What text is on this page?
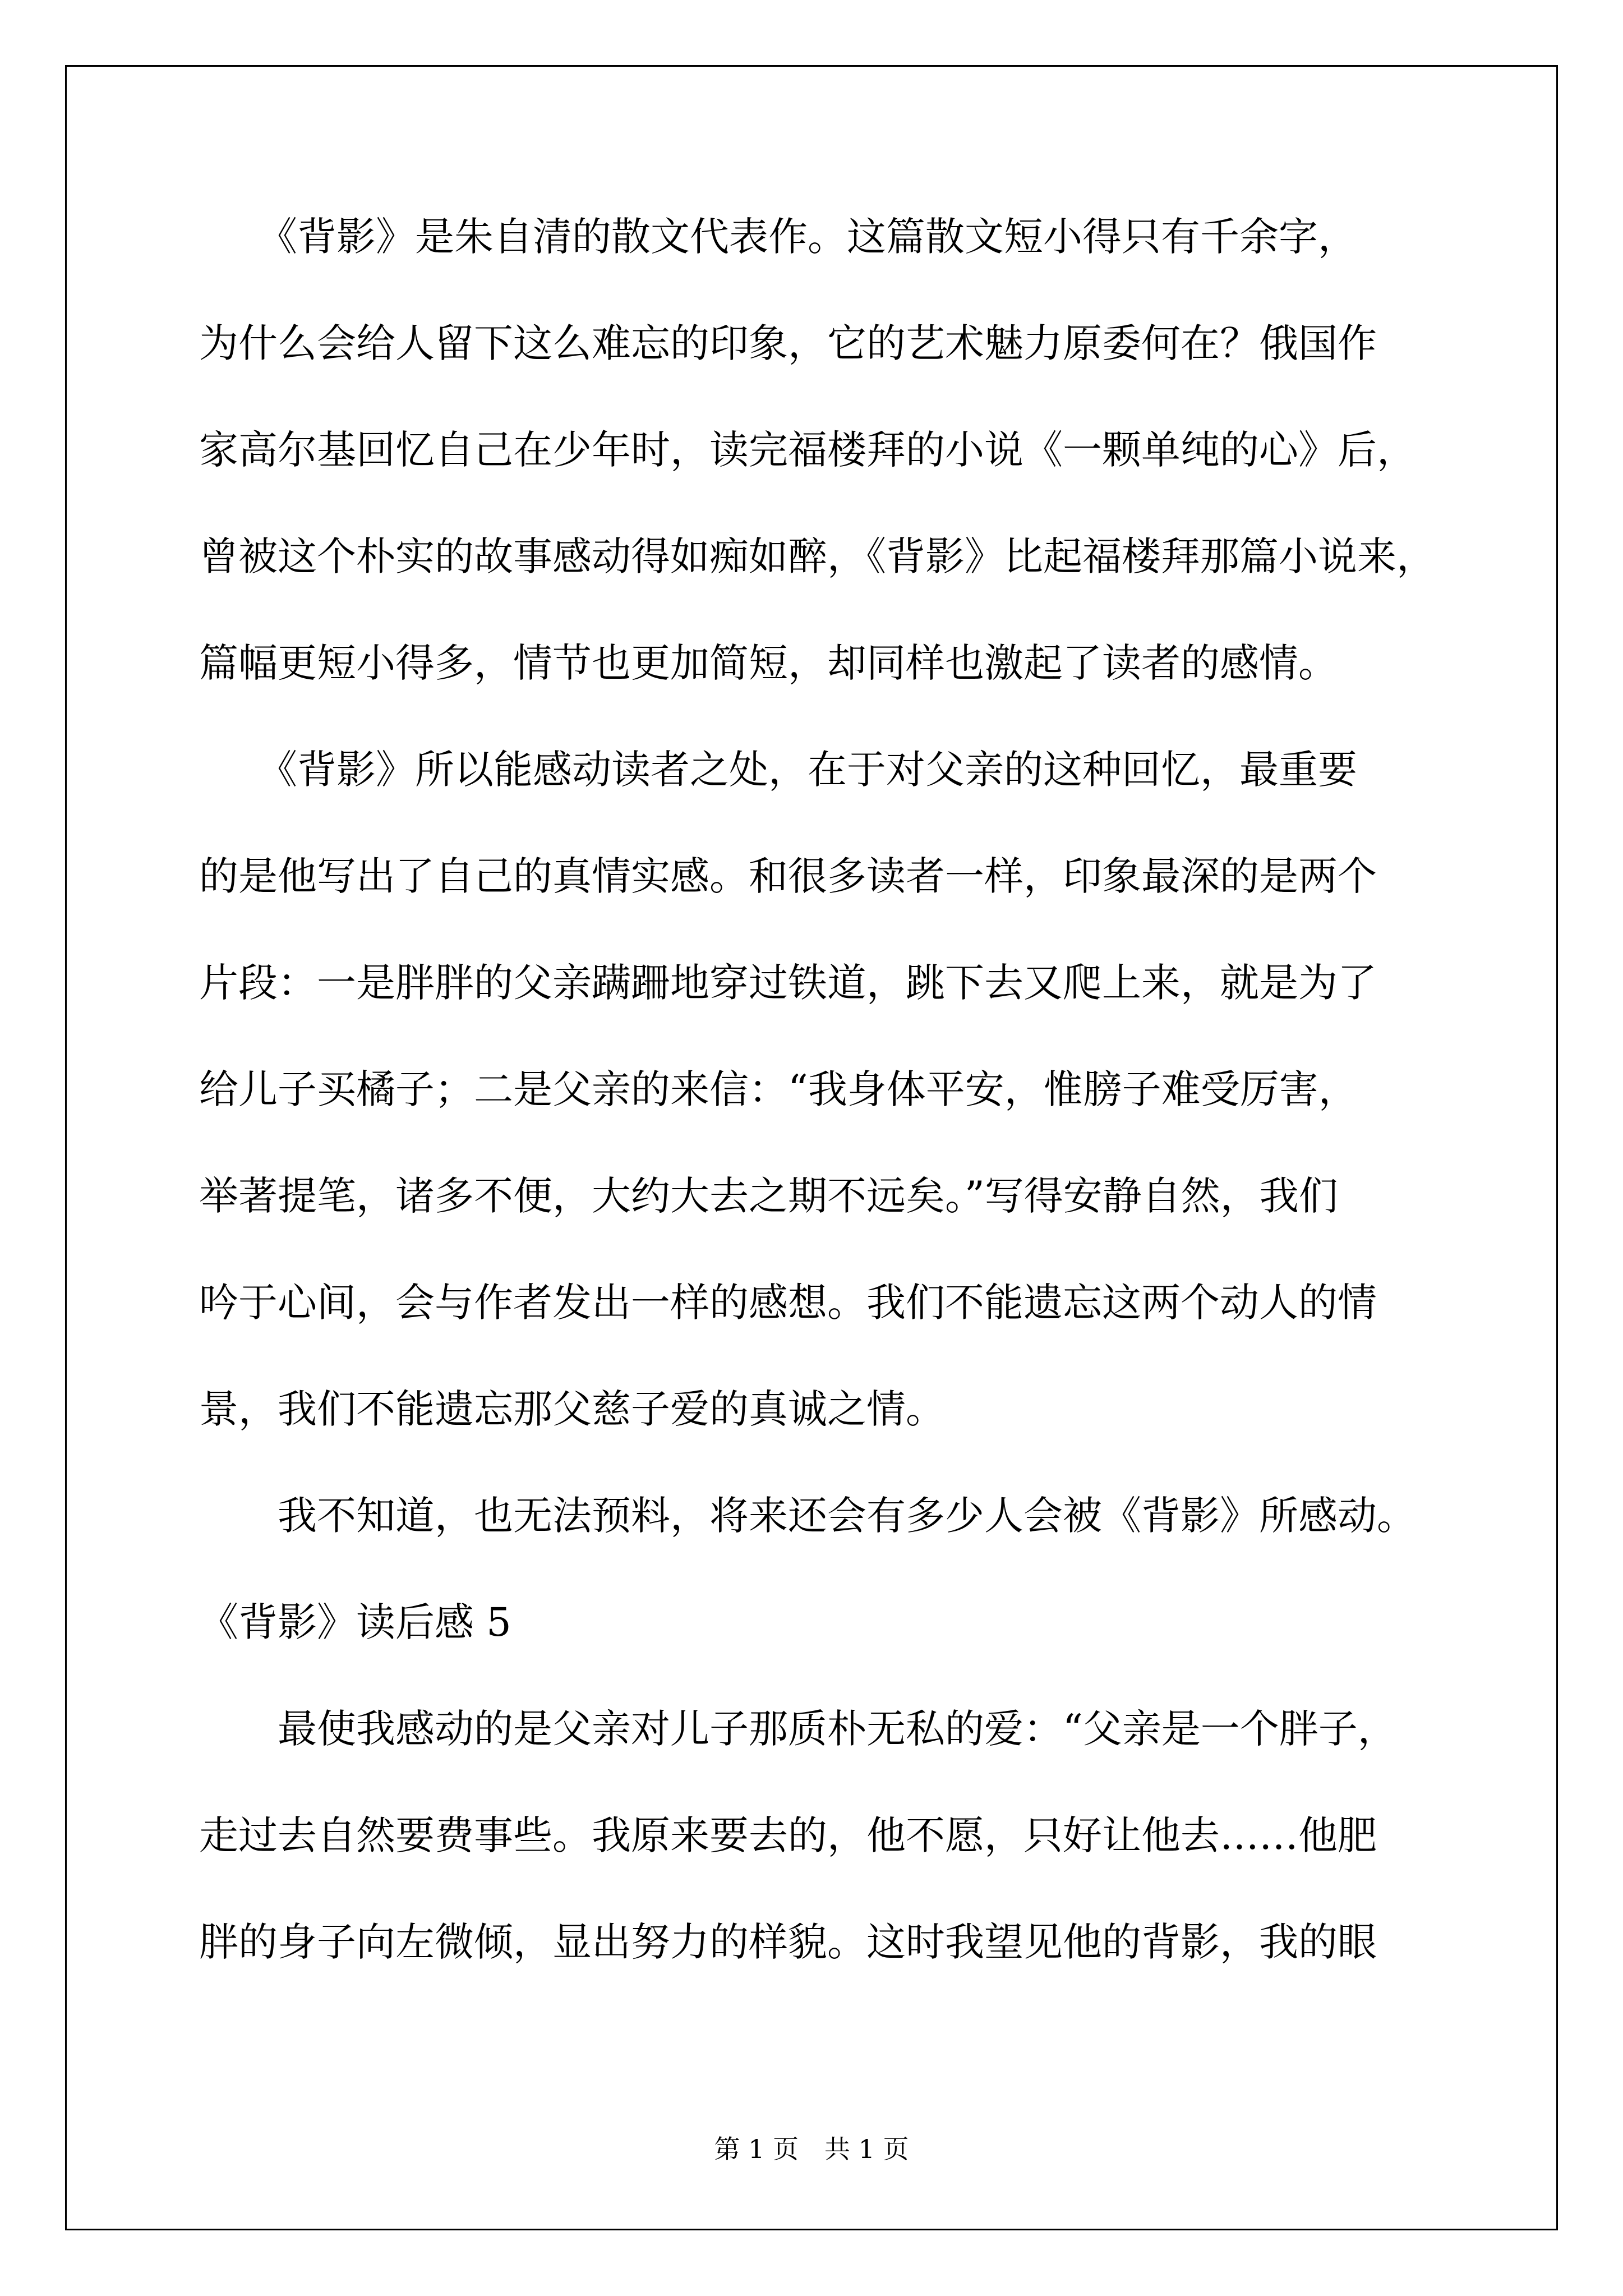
　　《背影》是朱自清的散文代表作。这篇散文短小得只有千余字，
为什么会给人留下这么难忘的印象，它的艺术魅力原委何在？俄国作
家高尔基回忆自己在少年时，读完福楼拜的小说《一颗单纯的心》后，
曾被这个朴实的故事感动得如痴如醉，《背影》比起福楼拜那篇小说来，
篇幅更短小得多，情节也更加简短，却同样也激起了读者的感情。
　　《背影》所以能感动读者之处，在于对父亲的这种回忆，最重要
的是他写出了自己的真情实感。和很多读者一样，印象最深的是两个
片段：一是胖胖的父亲蹒跚地穿过铁道，跳下去又爬上来，就是为了
给儿子买橘子；二是父亲的来信：“我身体平安，惟膀子难受厉害，
举著提笔，诸多不便，大约大去之期不远矣。”写得安静自然，我们
吟于心间，会与作者发出一样的感想。我们不能遗忘这两个动人的情
景，我们不能遗忘那父慈子爱的真诚之情。
　　我不知道，也无法预料，将来还会有多少人会被《背影》所感动。
《背影》读后感 5
　　最使我感动的是父亲对儿子那质朴无私的爱：“父亲是一个胖子，
走过去自然要费事些。我原来要去的，他不愿，只好让他去……他肥
胖的身子向左微倾，显出努力的样貌。这时我望见他的背影，我的眼
第 1 页　共 1 页
